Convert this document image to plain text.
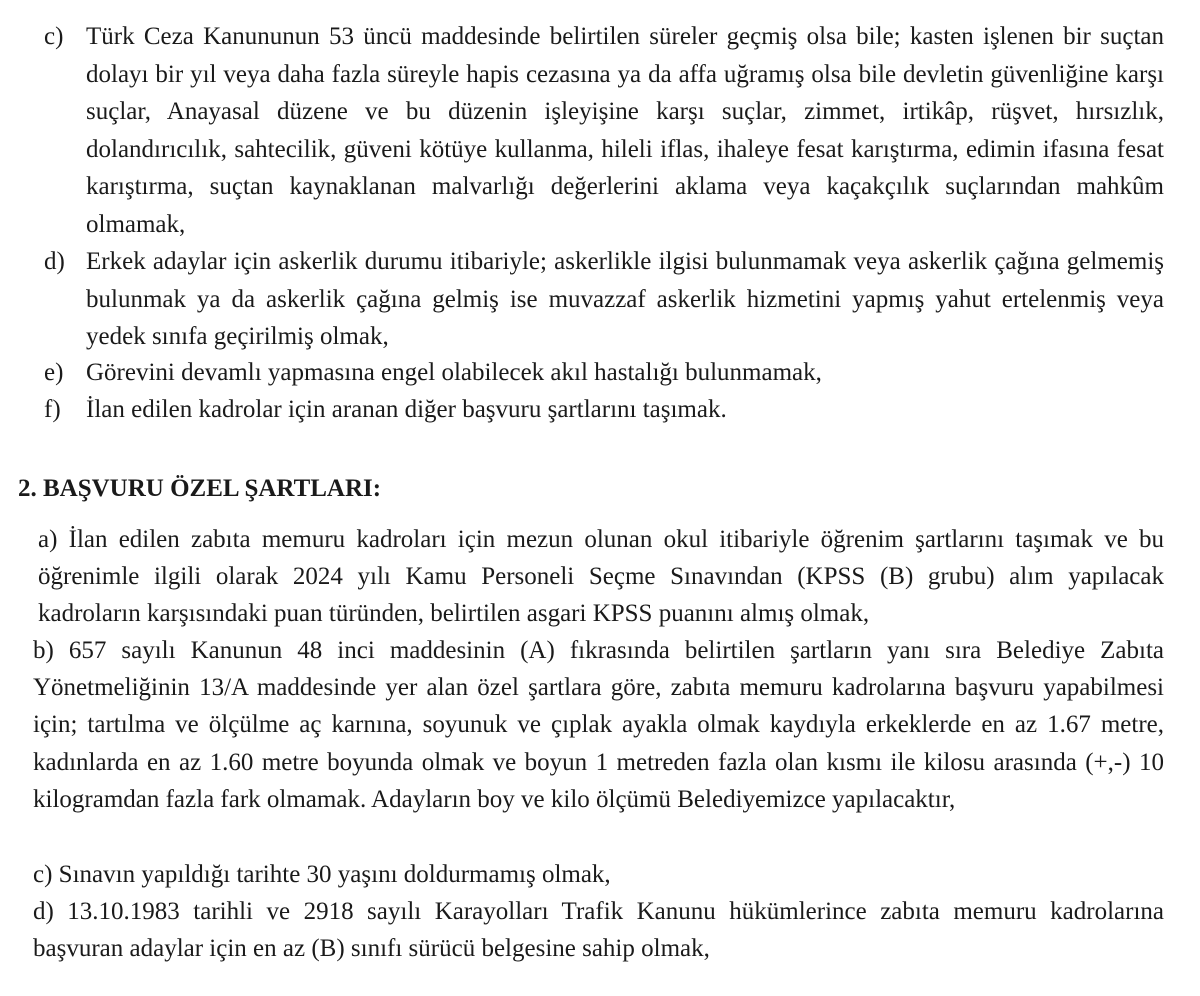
c) Türk Ceza Kanununun 53 üncü maddesinde belirtilen süreler geçmiş olsa bile; kasten işlenen bir suçtan dolayı bir yıl veya daha fazla süreyle hapis cezasına ya da affa uğramış olsa bile devletin güvenliğine karşı suçlar, Anayasal düzene ve bu düzenin işleyişine karşı suçlar, zimmet, irtikâp, rüşvet, hırsızlık, dolandırıcılık, sahtecilik, güveni kötüye kullanma, hileli iflas, ihaleye fesat karıştırma, edimin ifasına fesat karıştırma, suçtan kaynaklanan malvarlığı değerlerini aklama veya kaçakçılık suçlarından mahkûm olmamak,
d) Erkek adaylar için askerlik durumu itibariyle; askerlikle ilgisi bulunmamak veya askerlik çağına gelmemiş bulunmak ya da askerlik çağına gelmiş ise muvazzaf askerlik hizmetini yapmış yahut ertelenmiş veya yedek sınıfa geçirilmiş olmak,
e) Görevini devamlı yapmasına engel olabilecek akıl hastalığı bulunmamak,
f) İlan edilen kadrolar için aranan diğer başvuru şartlarını taşımak.
2. BAŞVURU ÖZEL ŞARTLARI:
a) İlan edilen zabıta memuru kadroları için mezun olunan okul itibariyle öğrenim şartlarını taşımak ve bu öğrenimle ilgili olarak 2024 yılı Kamu Personeli Seçme Sınavından (KPSS (B) grubu) alım yapılacak kadroların karşısındaki puan türünden, belirtilen asgari KPSS puanını almış olmak,
b) 657 sayılı Kanunun 48 inci maddesinin (A) fıkrasında belirtilen şartların yanı sıra Belediye Zabıta Yönetmeliğinin 13/A maddesinde yer alan özel şartlara göre, zabıta memuru kadrolarına başvuru yapabilmesi için; tartılma ve ölçülme aç karnına, soyunuk ve çıplak ayakla olmak kaydıyla erkeklerde en az 1.67 metre, kadınlarda en az 1.60 metre boyunda olmak ve boyun 1 metreden fazla olan kısmı ile kilosu arasında (+,-) 10 kilogramdan fazla fark olmamak. Adayların boy ve kilo ölçümü Belediyemizce yapılacaktır,
c) Sınavın yapıldığı tarihte 30 yaşını doldurmamış olmak,
d) 13.10.1983 tarihli ve 2918 sayılı Karayolları Trafik Kanunu hükümlerince zabıta memuru kadrolarına başvuran adaylar için en az (B) sınıfı sürücü belgesine sahip olmak,
